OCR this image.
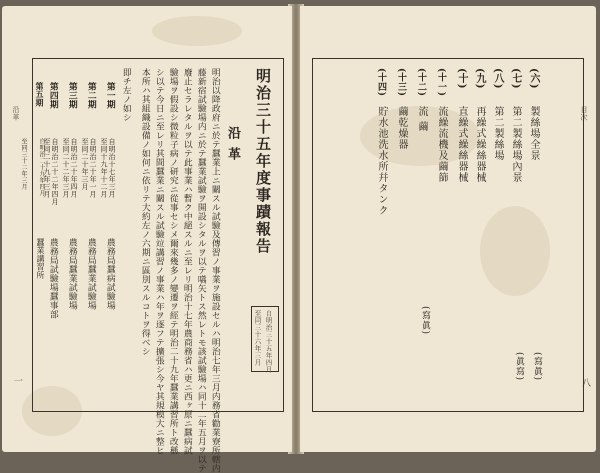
沿革
一
明治三十五年度事蹟報告
自明治三十五年四月
至同三十六年三月
沿革
明治以降政府ニ於テ蠶業上ニ關スル試驗及傳習ノ事業ヲ施設セルハ明治七年三月内務省勸業寮所轄内
藤新宿試驗場内ニ於テ蠶業試驗ヲ開設シタルヲ以テ嚆矢トス然レトモ該試驗場ハ同十二年五月ヲ以テ
廢止セラレタルヲ以テ此事業ハ暫ク中絕スルニ至レリ明治十七年農商務省ハ更ニ西ヶ原ニ蠶病試
驗場ヲ假設シ微粒子病ノ研究ニ從事セシメ爾來幾多ノ變遷ヲ經テ明治二十九年蠶業講習所ト改稱
シ以テ今日ニ至レリ其間蠶業ニ關スル試驗竝講習ノ事業ハ年ヲ逐フテ擴張シ今ヤ其規模大ニ整ヒ
本所ハ其組織設備ノ如何ニ依リテ大約左ノ六期ニ區別スルコトヲ得ベシ
即チ左ノ如シ
第一期
自明治十七年三月
至同十九年十二月
農務局蠶病試驗場
第二期
自明治二十年一月
至同二十年三月
農務局蠶業試驗場
第三期
自明治二十年四月
至同二十二年三月
農務局蠶業試驗場
第四期
自明治二十二年四月
至同二十九年三月
農務局試驗場蠶事部
第五期
自明治二十九年四月
蠶業講習所
至同三十二年三月
目次
八
(六)
製絲場全景
(寫眞)
(七)
第二製絲場內景
(眞寫)
(八)
第二製絲場
(九)
再繰式繰絲器械
(十)
直繰式繰絲器械
(十一)
流繰流機及繭篩
(十二)
流 繭
(寫眞)
(十三)
繭乾燥器
(十四)
貯水池洗水所幷タンク
